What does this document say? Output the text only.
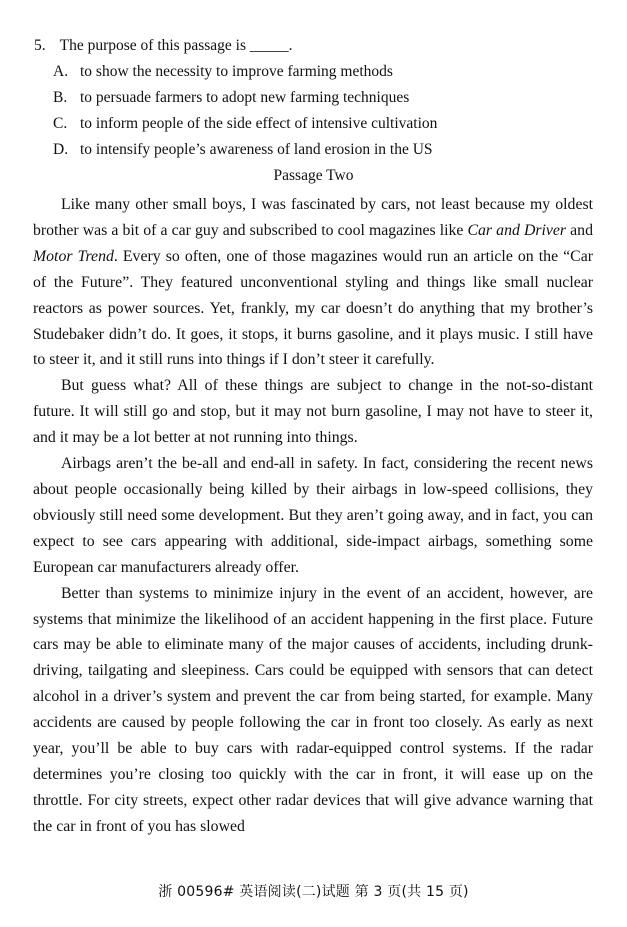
5. The purpose of this passage is _____.
A. to show the necessity to improve farming methods
B. to persuade farmers to adopt new farming techniques
C. to inform people of the side effect of intensive cultivation
D. to intensify people’s awareness of land erosion in the US
Passage Two

Like many other small boys, I was fascinated by cars, not least because my oldest brother was a bit of a car guy and subscribed to cool magazines like Car and Driver and Motor Trend. Every so often, one of those magazines would run an article on the “Car of the Future”. They featured unconventional styling and things like small nuclear reactors as power sources. Yet, frankly, my car doesn’t do anything that my brother’s Studebaker didn’t do. It goes, it stops, it burns gasoline, and it plays music. I still have to steer it, and it still runs into things if I don’t steer it carefully.

But guess what? All of these things are subject to change in the not-so-distant future. It will still go and stop, but it may not burn gasoline, I may not have to steer it, and it may be a lot better at not running into things.

Airbags aren’t the be-all and end-all in safety. In fact, considering the recent news about people occasionally being killed by their airbags in low-speed collisions, they obviously still need some development. But they aren’t going away, and in fact, you can expect to see cars appearing with additional, side-impact airbags, something some European car manufacturers already offer.

Better than systems to minimize injury in the event of an accident, however, are systems that minimize the likelihood of an accident happening in the first place. Future cars may be able to eliminate many of the major causes of accidents, including drunk-driving, tailgating and sleepiness. Cars could be equipped with sensors that can detect alcohol in a driver’s system and prevent the car from being started, for example. Many accidents are caused by people following the car in front too closely. As early as next year, you’ll be able to buy cars with radar-equipped control systems. If the radar determines you’re closing too quickly with the car in front, it will ease up on the throttle. For city streets, expect other radar devices that will give advance warning that the car in front of you has slowed

浙 00596# 英语阅读(二)试题 第 3 页(共 15 页)
